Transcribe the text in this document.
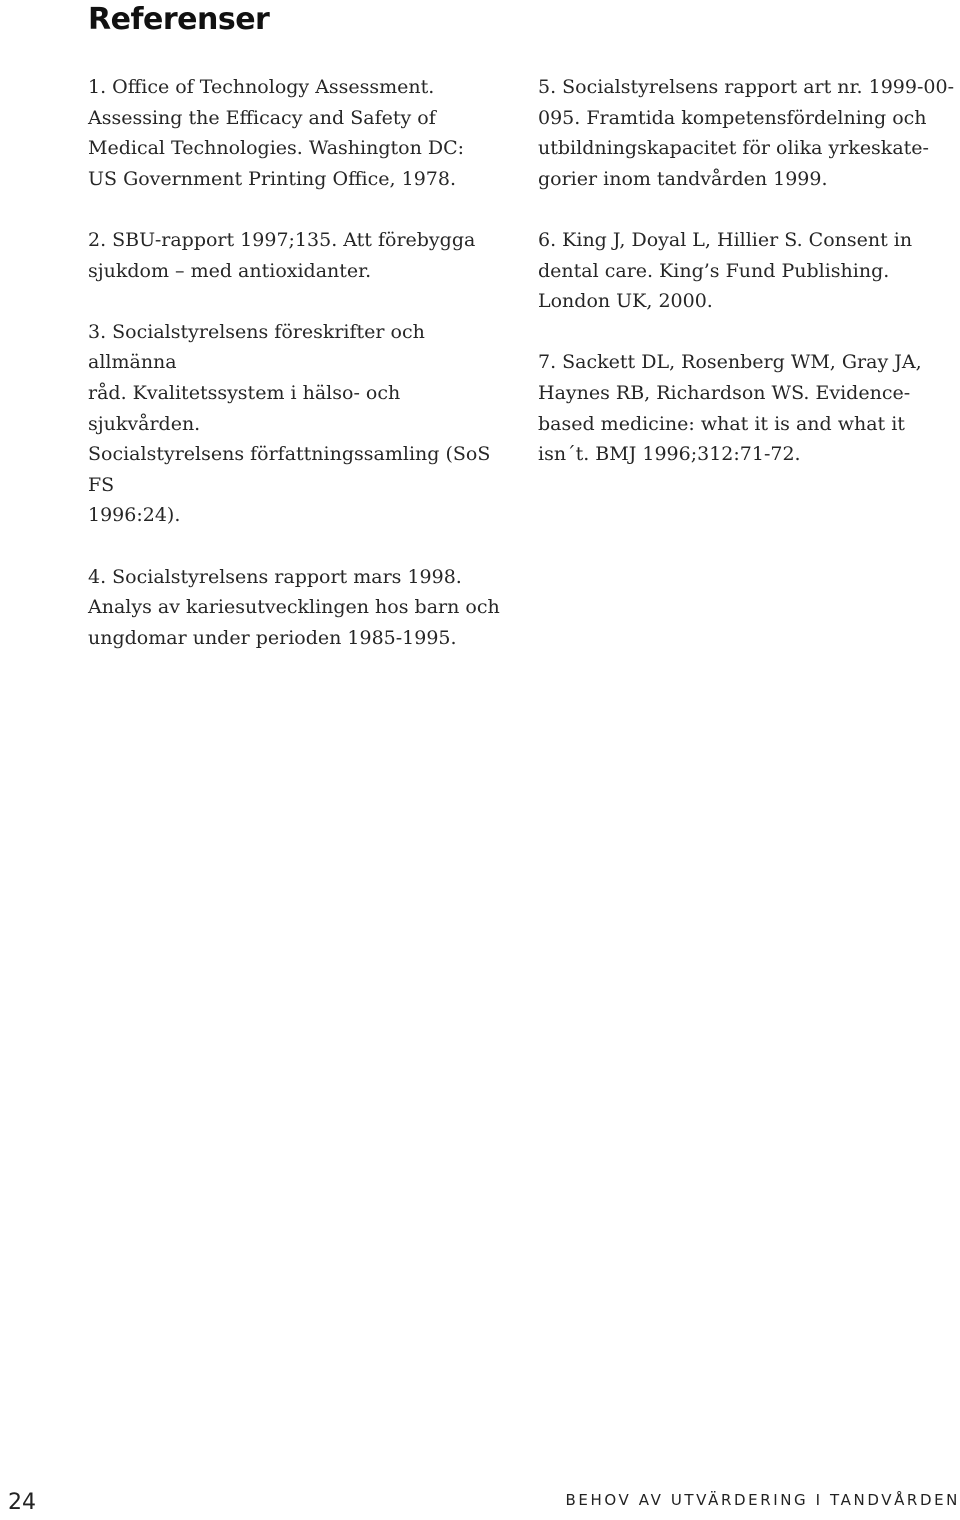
Referenser

1. Office of Technology Assessment.
Assessing the Efficacy and Safety of
Medical Technologies. Washington DC:
US Government Printing Office, 1978.

2. SBU-rapport 1997;135. Att förebygga
sjukdom – med antioxidanter.

3. Socialstyrelsens föreskrifter och allmänna
råd. Kvalitetssystem i hälso- och sjukvården.
Socialstyrelsens författningssamling (SoS FS
1996:24).

4. Socialstyrelsens rapport mars 1998.
Analys av kariesutvecklingen hos barn och
ungdomar under perioden 1985-1995.

5. Socialstyrelsens rapport art nr. 1999-00-
095. Framtida kompetensfördelning och
utbildningskapacitet för olika yrkeskate-
gorier inom tandvården 1999.

6. King J, Doyal L, Hillier S. Consent in
dental care. King’s Fund Publishing.
London UK, 2000.

7. Sackett DL, Rosenberg WM, Gray JA,
Haynes RB, Richardson WS. Evidence-
based medicine: what it is and what it
isn´t. BMJ 1996;312:71-72.

24	BEHOV AV UTVÄRDERING I TANDVÅRDEN
